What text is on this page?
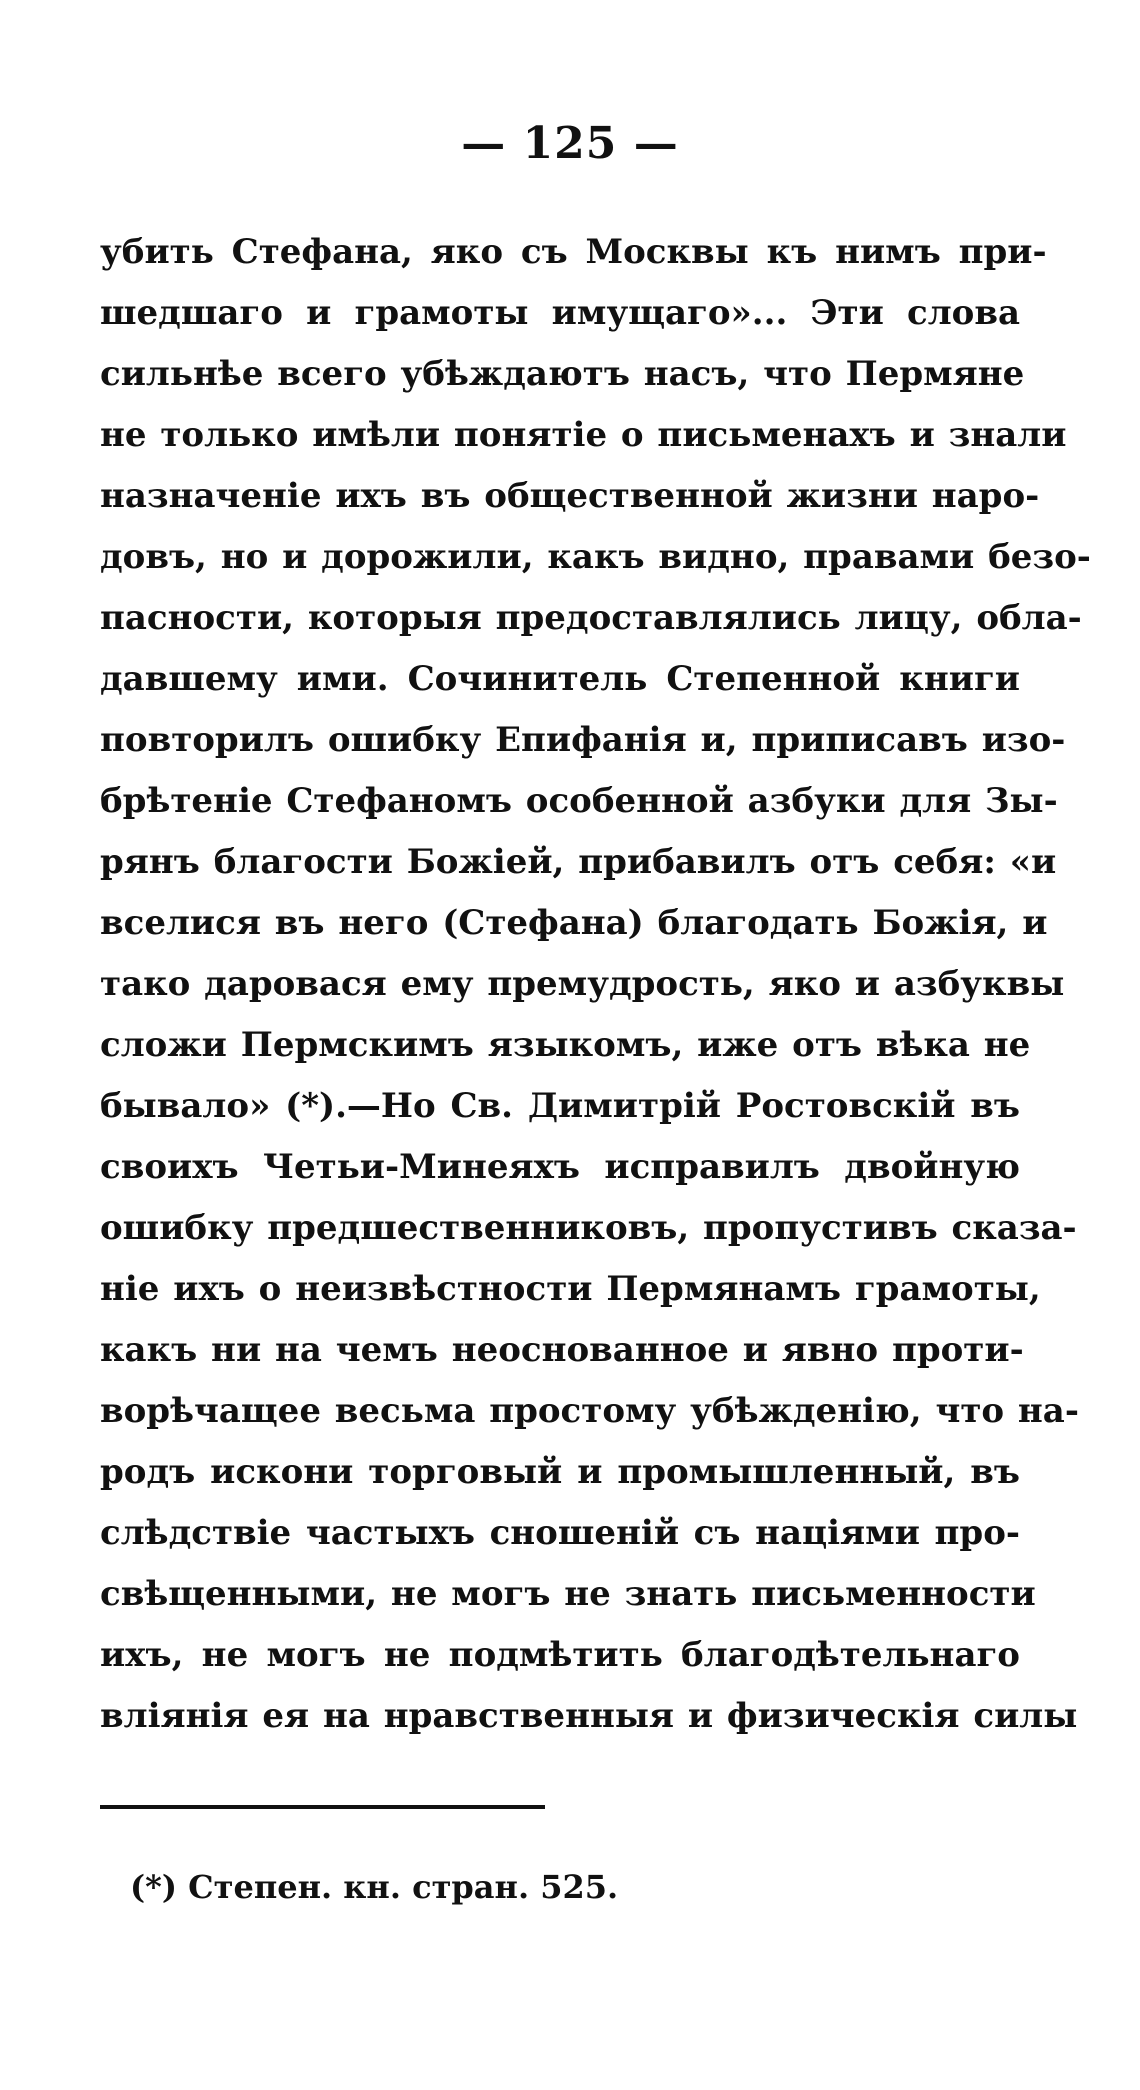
— 125 —
убить Стефана, яко съ Москвы къ нимъ при-
шедшаго и грамоты имущаго»... Эти слова
сильнѣе всего убѣждаютъ насъ, что Пермяне
не только имѣли понятіе о письменахъ и знали
назначеніе ихъ въ общественной жизни наро-
довъ, но и дорожили, какъ видно, правами безо-
пасности, которыя предоставлялись лицу, обла-
давшему ими. Сочинитель Степенной книги
повторилъ ошибку Епифанія и, приписавъ изо-
брѣтеніе Стефаномъ особенной азбуки для Зы-
рянъ благости Божіей, прибавилъ отъ себя: «и
вселися въ него (Стефана) благодать Божія, и
тако даровася ему премудрость, яко и азбуквы
сложи Пермскимъ языкомъ, иже отъ вѣка не
бывало» (*).—Но Св. Димитрій Ростовскій въ
своихъ Четьи-Минеяхъ исправилъ двойную
ошибку предшественниковъ, пропустивъ сказа-
ніе ихъ о неизвѣстности Пермянамъ грамоты,
какъ ни на чемъ неоснованное и явно проти-
ворѣчащее весьма простому убѣжденію, что на-
родъ искони торговый и промышленный, въ
слѣдствіе частыхъ сношеній съ націями про-
свѣщенными, не могъ не знать письменности
ихъ, не могъ не подмѣтить благодѣтельнаго
вліянія ея на нравственныя и физическія силы
(*) Степен. кн. стран. 525.
